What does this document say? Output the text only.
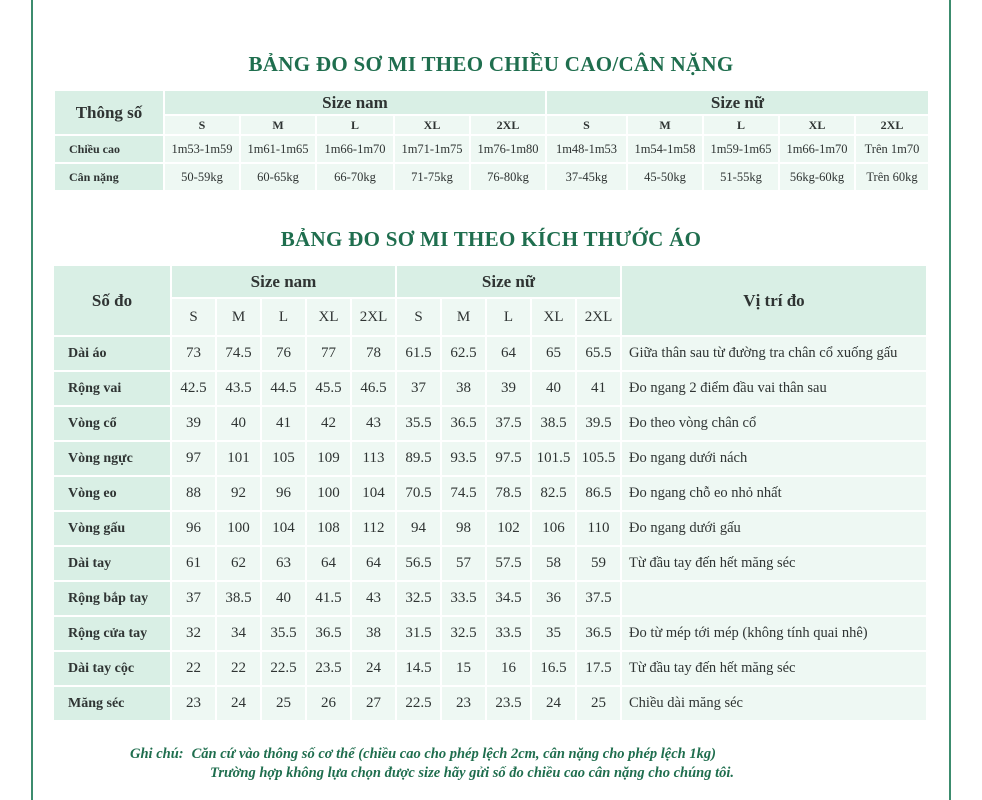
BẢNG ĐO SƠ MI THEO CHIỀU CAO/CÂN NẶNG
Thông số	Size nam					Size nữ				
	S	M	L	XL	2XL	S	M	L	XL	2XL
Chiều cao	1m53-1m59	1m61-1m65	1m66-1m70	1m71-1m75	1m76-1m80	1m48-1m53	1m54-1m58	1m59-1m65	1m66-1m70	Trên 1m70
Cân nặng	50-59kg	60-65kg	66-70kg	71-75kg	76-80kg	37-45kg	45-50kg	51-55kg	56kg-60kg	Trên 60kg
BẢNG ĐO SƠ MI THEO KÍCH THƯỚC ÁO
Số đo	Size nam					Size nữ					Vị trí đo
	S	M	L	XL	2XL	S	M	L	XL	2XL	
Dài áo	73	74.5	76	77	78	61.5	62.5	64	65	65.5	Giữa thân sau từ đường tra chân cổ xuống gấu
Rộng vai	42.5	43.5	44.5	45.5	46.5	37	38	39	40	41	Đo ngang 2 điểm đầu vai thân sau
Vòng cổ	39	40	41	42	43	35.5	36.5	37.5	38.5	39.5	Đo theo vòng chân cổ
Vòng ngực	97	101	105	109	113	89.5	93.5	97.5	101.5	105.5	Đo ngang dưới nách
Vòng eo	88	92	96	100	104	70.5	74.5	78.5	82.5	86.5	Đo ngang chỗ eo nhỏ nhất
Vòng gấu	96	100	104	108	112	94	98	102	106	110	Đo ngang dưới gấu
Dài tay	61	62	63	64	64	56.5	57	57.5	58	59	Từ đầu tay đến hết măng séc
Rộng bắp tay	37	38.5	40	41.5	43	32.5	33.5	34.5	36	37.5	
Rộng cửa tay	32	34	35.5	36.5	38	31.5	32.5	33.5	35	36.5	Đo từ mép tới mép (không tính quai nhê)
Dài tay cộc	22	22	22.5	23.5	24	14.5	15	16	16.5	17.5	Từ đầu tay đến hết măng séc
Măng séc	23	24	25	26	27	22.5	23	23.5	24	25	Chiều dài măng séc
Ghi chú: Căn cứ vào thông số cơ thể (chiều cao cho phép lệch 2cm, cân nặng cho phép lệch 1kg)
Trường hợp không lựa chọn được size hãy gửi số đo chiều cao cân nặng cho chúng tôi.
